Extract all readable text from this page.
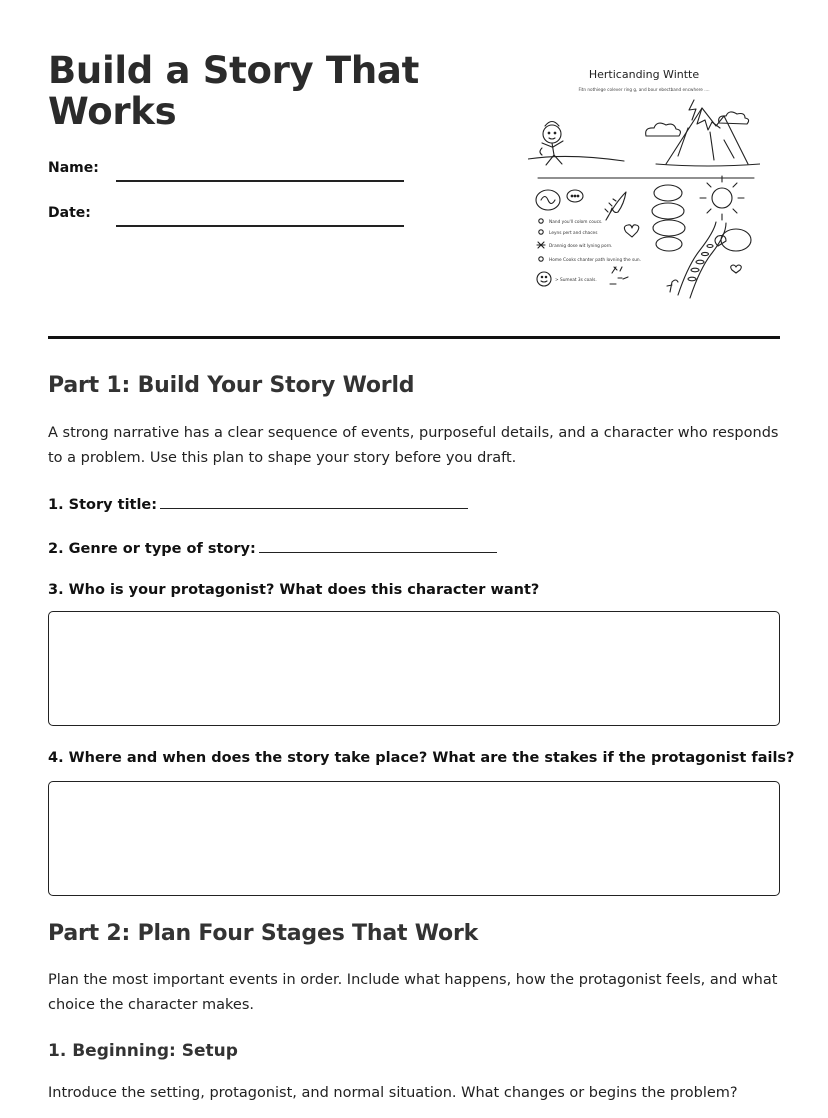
Build a Story That Works
Name:
Date:
Herticanding Wintte
Fitn nothiege colever ring g, and bour ebectband encwhere ....
Nand you'll colom coucs.
Leyns pert and chaces
Drannig dose wit lyning porn.
Home Cooks chanter path lovning the sun.
> Sumeat 3s coals.
Part 1: Build Your Story World

A strong narrative has a clear sequence of events, purposeful details, and a character who responds to a problem. Use this plan to shape your story before you draft.

1. Story title:
2. Genre or type of story:
3. Who is your protagonist? What does this character want?
4. Where and when does the story take place? What are the stakes if the protagonist fails?
Part 2: Plan Four Stages That Work

Plan the most important events in order. Include what happens, how the protagonist feels, and what choice the character makes.

1. Beginning: Setup

Introduce the setting, protagonist, and normal situation. What changes or begins the problem?
